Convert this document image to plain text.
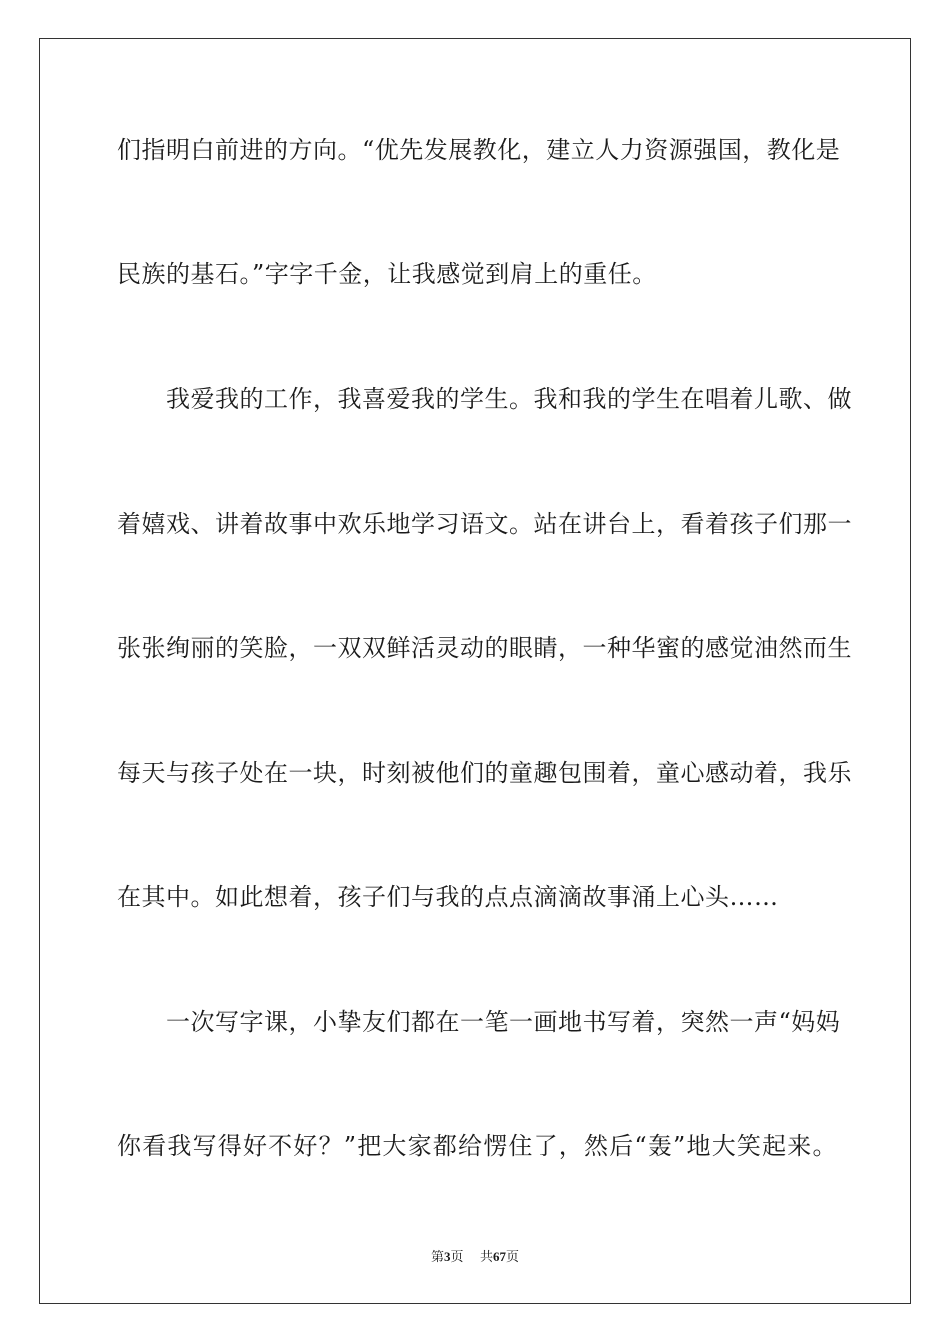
们指明白前进的方向。“优先发展教化，建立人力资源强国，教化是
民族的基石。”字字千金，让我感觉到肩上的重任。
　　我爱我的工作，我喜爱我的学生。我和我的学生在唱着儿歌、做
着嬉戏、讲着故事中欢乐地学习语文。站在讲台上，看着孩子们那一
张张绚丽的笑脸，一双双鲜活灵动的眼睛，一种华蜜的感觉油然而生
每天与孩子处在一块，时刻被他们的童趣包围着，童心感动着，我乐
在其中。如此想着，孩子们与我的点点滴滴故事涌上心头……
　　一次写字课，小挚友们都在一笔一画地书写着，突然一声“妈妈
你看我写得好不好？”把大家都给愣住了，然后“轰”地大笑起来。
第3页 共67页
